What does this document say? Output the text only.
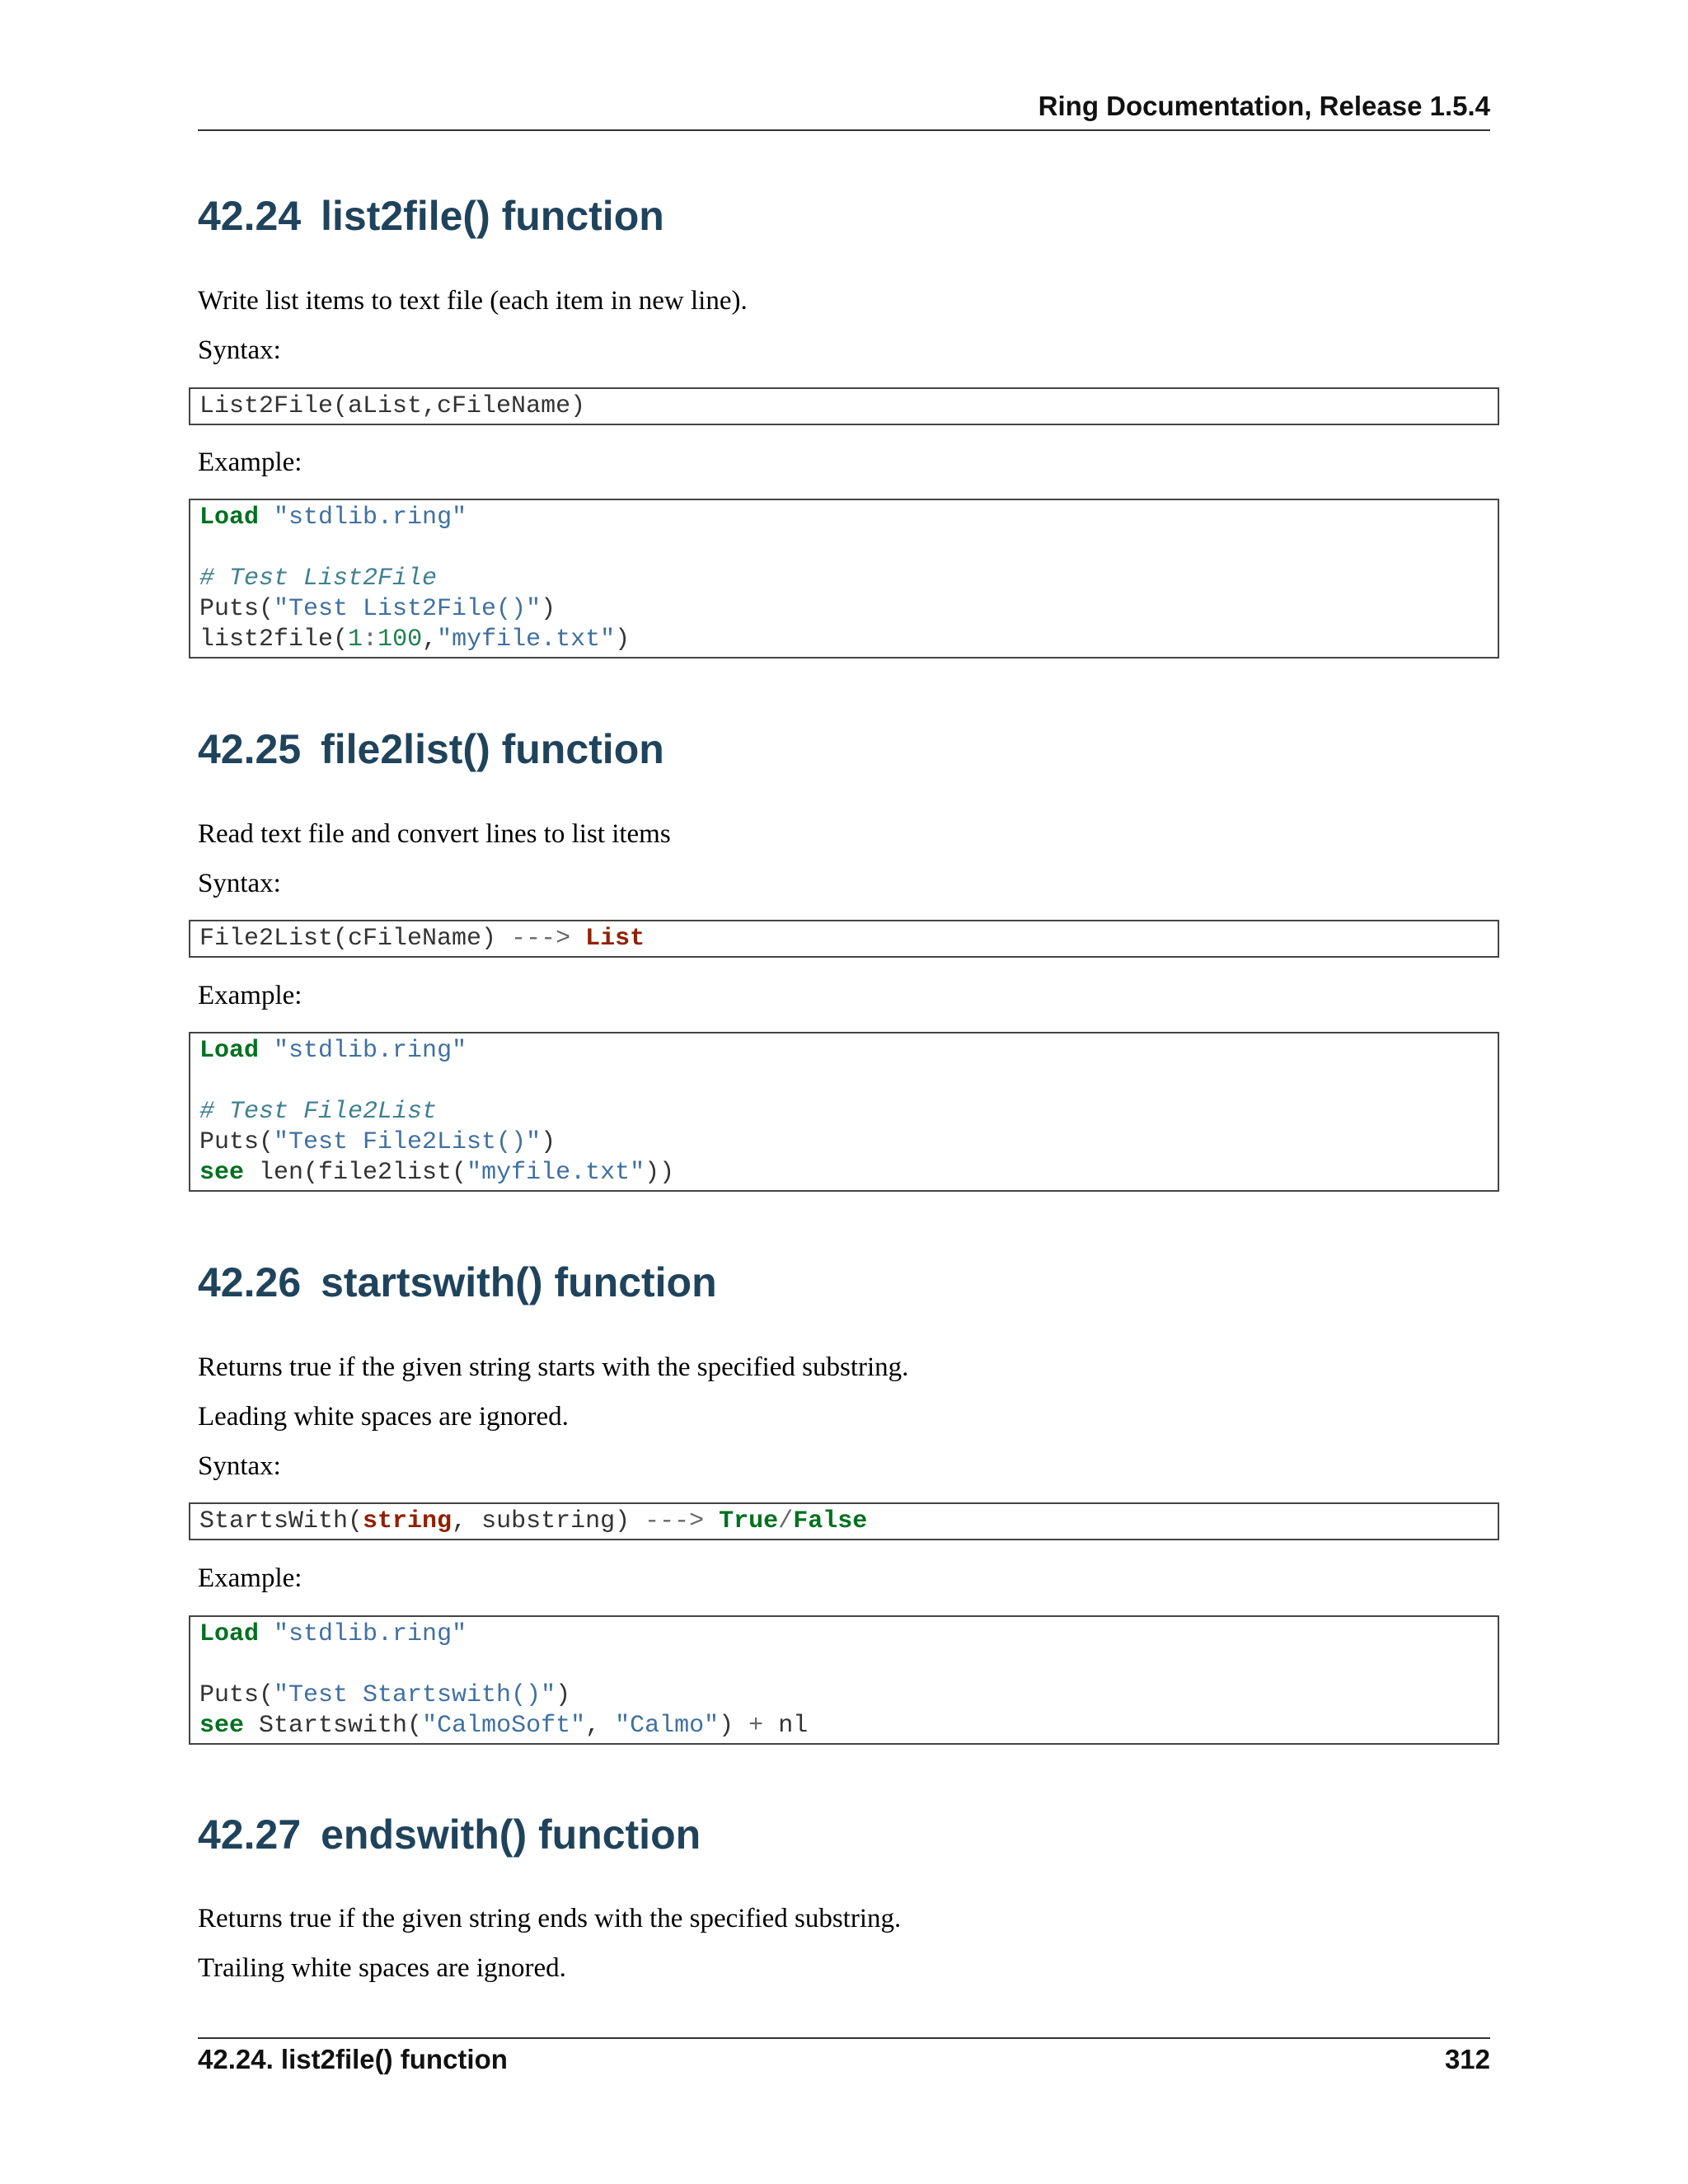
Ring Documentation, Release 1.5.4
42.24 list2file() function

Write list items to text file (each item in new line).

Syntax:

List2File(aList,cFileName)

Example:

Load "stdlib.ring"
# Test List2File
Puts("Test List2File()")
list2file(1:100,"myfile.txt")
42.25 file2list() function

Read text file and convert lines to list items

Syntax:

File2List(cFileName) ---> List

Example:

Load "stdlib.ring"
# Test File2List
Puts("Test File2List()")
see len(file2list("myfile.txt"))
42.26 startswith() function

Returns true if the given string starts with the specified substring.

Leading white spaces are ignored.

Syntax:

StartsWith(string, substring) ---> True/False

Example:

Load "stdlib.ring"
Puts("Test Startswith()")
see Startswith("CalmoSoft", "Calmo") + nl
42.27 endswith() function

Returns true if the given string ends with the specified substring.

Trailing white spaces are ignored.

42.24. list2file() function	312
